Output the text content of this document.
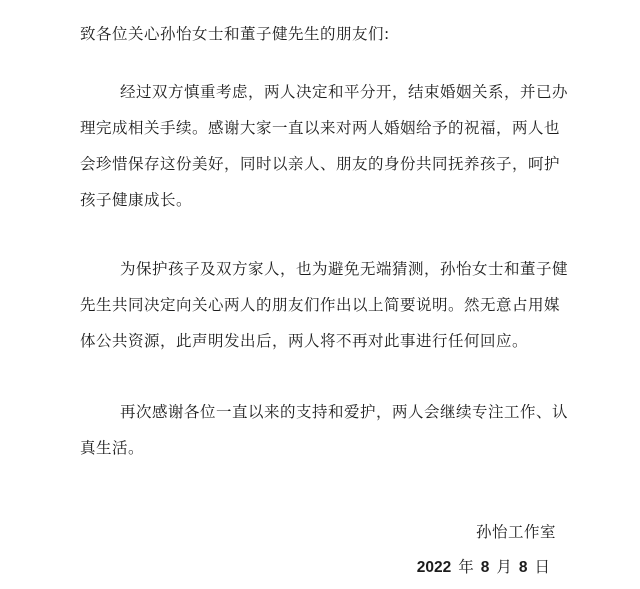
致各位关心孙怡女士和董子健先生的朋友们:

经过双方慎重考虑，两人决定和平分开，结束婚姻关系，并已办
理完成相关手续。感谢大家一直以来对两人婚姻给予的祝福，两人也
会珍惜保存这份美好，同时以亲人、朋友的身份共同抚养孩子，呵护
孩子健康成长。

为保护孩子及双方家人，也为避免无端猜测，孙怡女士和董子健
先生共同决定向关心两人的朋友们作出以上简要说明。然无意占用媒
体公共资源，此声明发出后，两人将不再对此事进行任何回应。

再次感谢各位一直以来的支持和爱护，两人会继续专注工作、认
真生活。

孙怡工作室

2022 年 8 月 8 日
